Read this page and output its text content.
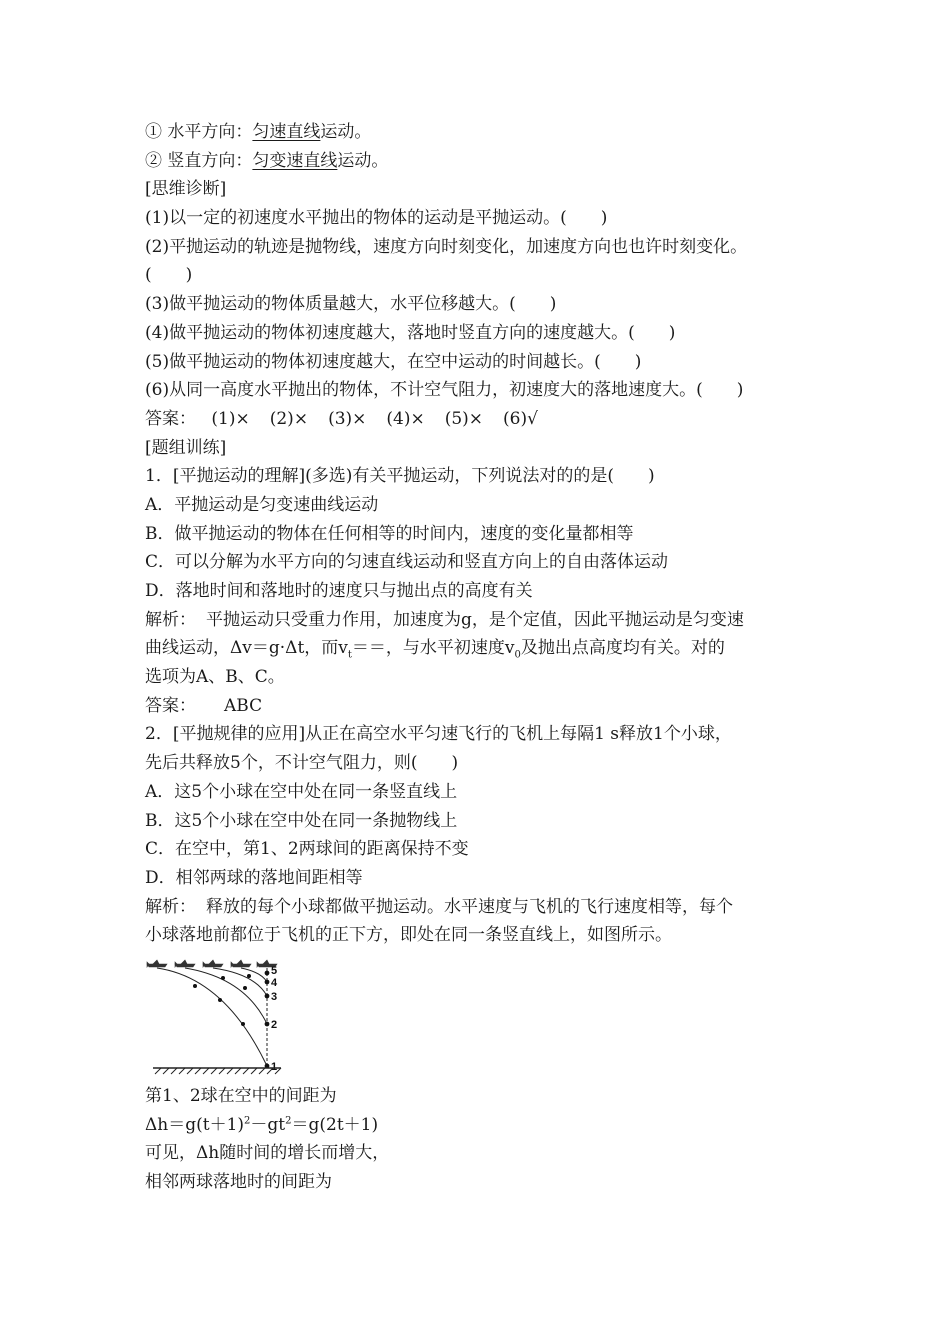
① 水平方向：匀速直线运动。
② 竖直方向：匀变速直线运动。
[思维诊断]
(1)以一定的初速度水平抛出的物体的运动是平抛运动。(　　)
(2)平抛运动的轨迹是抛物线，速度方向时刻变化，加速度方向也也许时刻变化。
(　　)
(3)做平抛运动的物体质量越大，水平位移越大。(　　)
(4)做平抛运动的物体初速度越大，落地时竖直方向的速度越大。(　　)
(5)做平抛运动的物体初速度越大，在空中运动的时间越长。(　　)
(6)从同一高度水平抛出的物体，不计空气阻力，初速度大的落地速度大。(　　)
答案： (1)× (2)× (3)× (4)× (5)× (6)√
[题组训练]
1．[平抛运动的理解](多选)有关平抛运动，下列说法对的的是(　　)
A．平抛运动是匀变速曲线运动
B．做平抛运动的物体在任何相等的时间内，速度的变化量都相等
C．可以分解为水平方向的匀速直线运动和竖直方向上的自由落体运动
D．落地时间和落地时的速度只与抛出点的高度有关
解析： 平抛运动只受重力作用，加速度为g，是个定值，因此平抛运动是匀变速
曲线运动，Δv＝g·Δt，而$v_t==$，与水平初速度$v_0$及抛出点高度均有关。对的
选项为A、B、C。
答案： ABC
2．[平抛规律的应用]从正在高空水平匀速飞行的飞机上每隔1 s释放1个小球，
先后共释放5个，不计空气阻力，则(　　)
A．这5个小球在空中处在同一条竖直线上
B．这5个小球在空中处在同一条抛物线上
C．在空中，第1、2两球间的距离保持不变
D．相邻两球的落地间距相等
解析： 释放的每个小球都做平抛运动。水平速度与飞机的飞行速度相等，每个
小球落地前都位于飞机的正下方，即处在同一条竖直线上，如图所示。
5
4
3
2
1
第1、2球在空中的间距为
$\Delta h=g(t+1)^2-gt^2=g(2t+1)$
可见，Δh随时间的增长而增大，
相邻两球落地时的间距为
